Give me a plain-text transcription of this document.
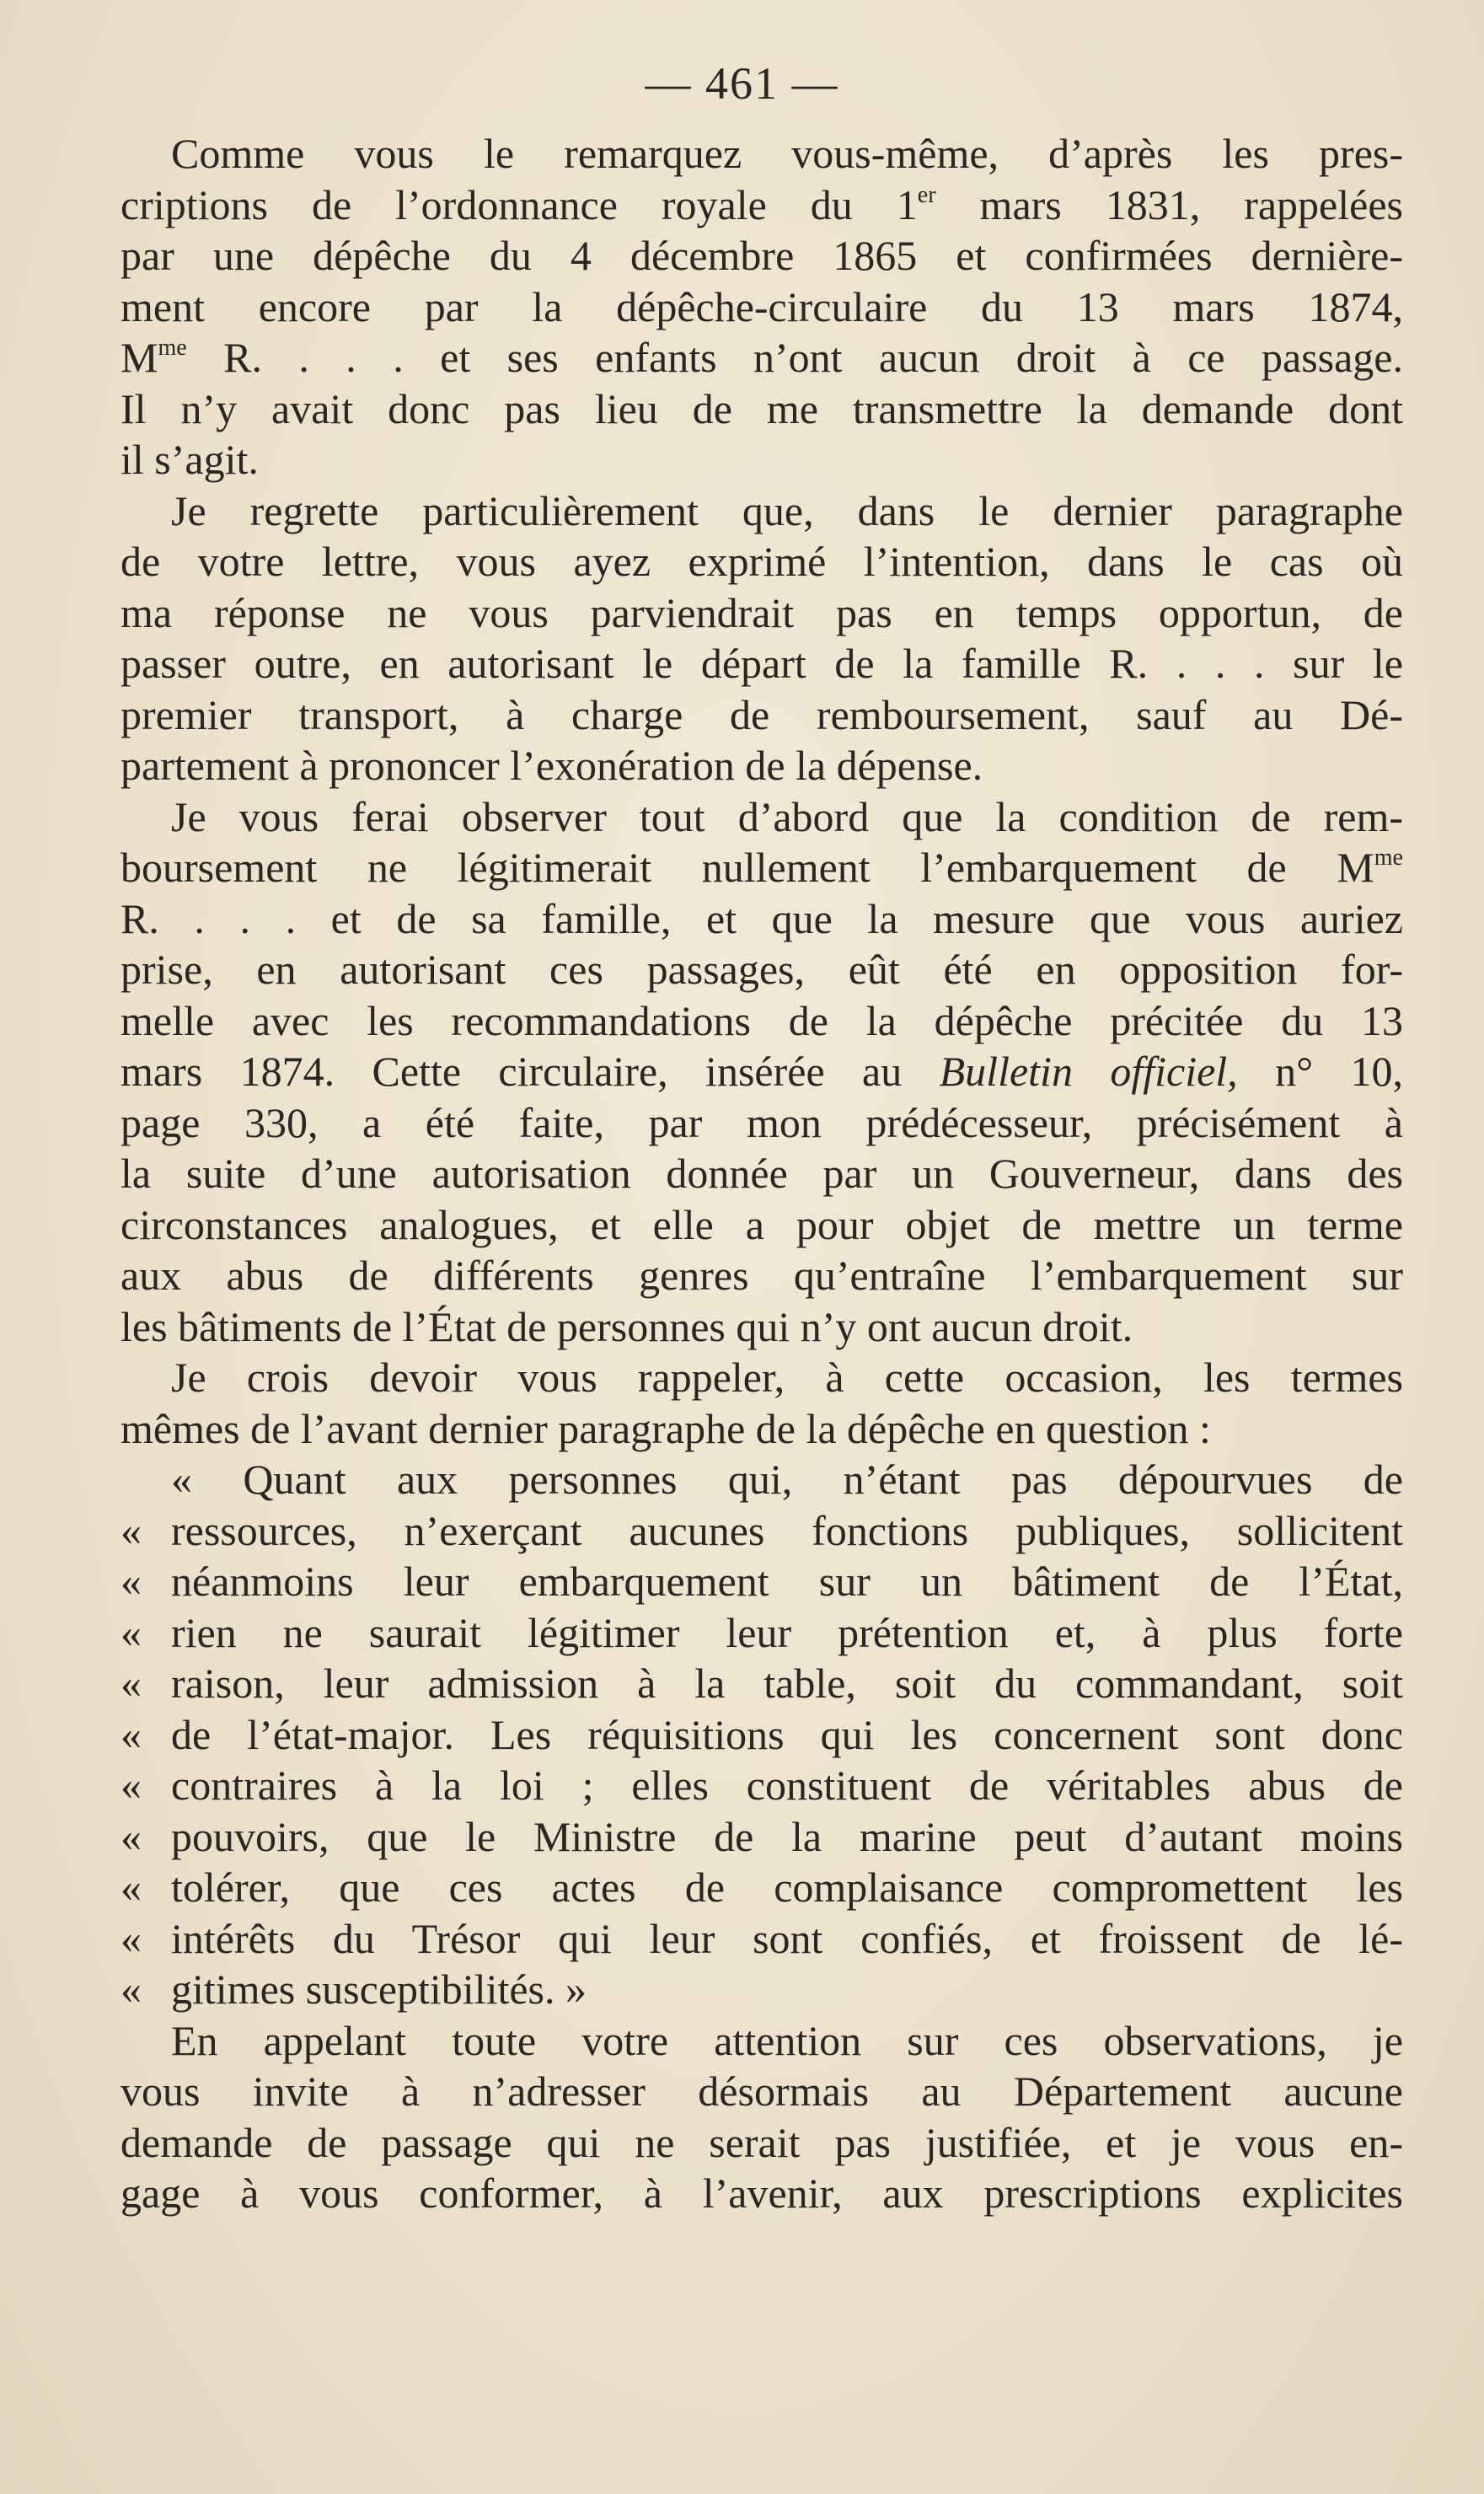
— 461 —
Comme vous le remarquez vous-même, d’après les pres-
criptions de l’ordonnance royale du 1er mars 1831, rappelées
par une dépêche du 4 décembre 1865 et confirmées dernière-
ment encore par la dépêche-circulaire du 13 mars 1874,
$M^{me}$ R. . . . et ses enfants n’ont aucun droit à ce passage.
Il n’y avait donc pas lieu de me transmettre la demande dont
il s’agit.
Je regrette particulièrement que, dans le dernier paragraphe
de votre lettre, vous ayez exprimé l’intention, dans le cas où
ma réponse ne vous parviendrait pas en temps opportun, de
passer outre, en autorisant le départ de la famille R. . . . sur le
premier transport, à charge de remboursement, sauf au Dé-
partement à prononcer l’exonération de la dépense.
Je vous ferai observer tout d’abord que la condition de rem-
boursement ne légitimerait nullement l’embarquement de $M^{me}$
R. . . . et de sa famille, et que la mesure que vous auriez
prise, en autorisant ces passages, eût été en opposition for-
melle avec les recommandations de la dépêche précitée du 13
mars 1874. Cette circulaire, insérée au Bulletin officiel, n° 10,
page 330, a été faite, par mon prédécesseur, précisément à
la suite d’une autorisation donnée par un Gouverneur, dans des
circonstances analogues, et elle a pour objet de mettre un terme
aux abus de différents genres qu’entraîne l’embarquement sur
les bâtiments de l’État de personnes qui n’y ont aucun droit.
Je crois devoir vous rappeler, à cette occasion, les termes
mêmes de l’avant dernier paragraphe de la dépêche en question :
« Quant aux personnes qui, n’étant pas dépourvues de
« ressources, n’exerçant aucunes fonctions publiques, sollicitent
« néanmoins leur embarquement sur un bâtiment de l’État,
« rien ne saurait légitimer leur prétention et, à plus forte
« raison, leur admission à la table, soit du commandant, soit
« de l’état-major. Les réquisitions qui les concernent sont donc
« contraires à la loi ; elles constituent de véritables abus de
« pouvoirs, que le Ministre de la marine peut d’autant moins
« tolérer, que ces actes de complaisance compromettent les
« intérêts du Trésor qui leur sont confiés, et froissent de lé-
« gitimes susceptibilités. »
En appelant toute votre attention sur ces observations, je
vous invite à n’adresser désormais au Département aucune
demande de passage qui ne serait pas justifiée, et je vous en-
gage à vous conformer, à l’avenir, aux prescriptions explicites
